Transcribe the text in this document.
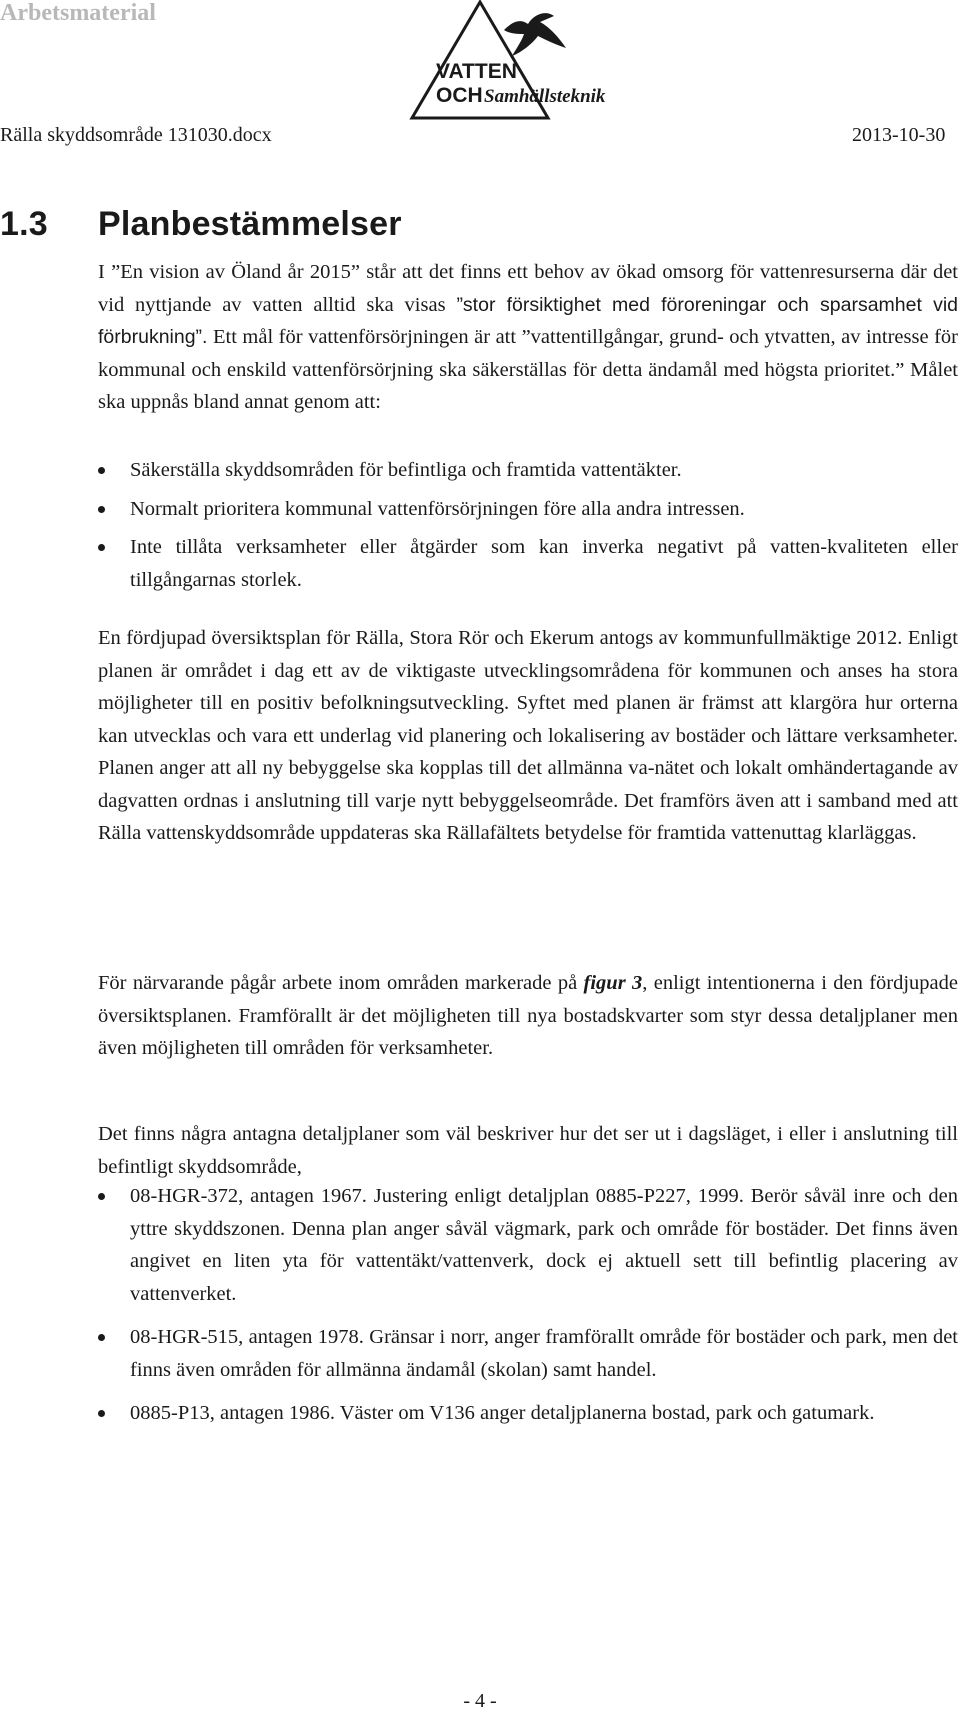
Arbetsmaterial
VATTEN
OCH Samhällsteknik
Rälla skyddsområde 131030.docx	2013-10-30
1.3 Planbestämmelser

I ”En vision av Öland år 2015” står att det finns ett behov av ökad omsorg för vattenresurserna där det vid nyttjande av vatten alltid ska visas ”stor försiktighet med föroreningar och sparsamhet vid förbrukning”. Ett mål för vattenförsörjningen är att ”vattentillgångar, grund- och ytvatten, av intresse för kommunal och enskild vattenförsörjning ska säkerställas för detta ändamål med högsta prioritet.” Målet ska uppnås bland annat genom att:

Säkerställa skyddsområden för befintliga och framtida vattentäkter.
Normalt prioritera kommunal vattenförsörjningen före alla andra intressen.
Inte tillåta verksamheter eller åtgärder som kan inverka negativt på vatten-kvaliteten eller tillgångarnas storlek.

En fördjupad översiktsplan för Rälla, Stora Rör och Ekerum antogs av kommunfullmäktige 2012. Enligt planen är området i dag ett av de viktigaste utvecklingsområdena för kommunen och anses ha stora möjligheter till en positiv befolkningsutveckling. Syftet med planen är främst att klargöra hur orterna kan utvecklas och vara ett underlag vid planering och lokalisering av bostäder och lättare verksamheter. Planen anger att all ny bebyggelse ska kopplas till det allmänna va-nätet och lokalt omhändertagande av dagvatten ordnas i anslutning till varje nytt bebyggelseområde. Det framförs även att i samband med att Rälla vattenskyddsområde uppdateras ska Rällafältets betydelse för framtida vattenuttag klarläggas.

För närvarande pågår arbete inom områden markerade på figur 3, enligt intentionerna i den fördjupade översiktsplanen. Framförallt är det möjligheten till nya bostadskvarter som styr dessa detaljplaner men även möjligheten till områden för verksamheter.

Det finns några antagna detaljplaner som väl beskriver hur det ser ut i dagsläget, i eller i anslutning till befintligt skyddsområde,

08-HGR-372, antagen 1967. Justering enligt detaljplan 0885-P227, 1999. Berör såväl inre och den yttre skyddszonen. Denna plan anger såväl vägmark, park och område för bostäder. Det finns även angivet en liten yta för vattentäkt/vattenverk, dock ej aktuell sett till befintlig placering av vattenverket.
08-HGR-515, antagen 1978. Gränsar i norr, anger framförallt område för bostäder och park, men det finns även områden för allmänna ändamål (skolan) samt handel.
0885-P13, antagen 1986. Väster om V136 anger detaljplanerna bostad, park och gatumark.
- 4 -
